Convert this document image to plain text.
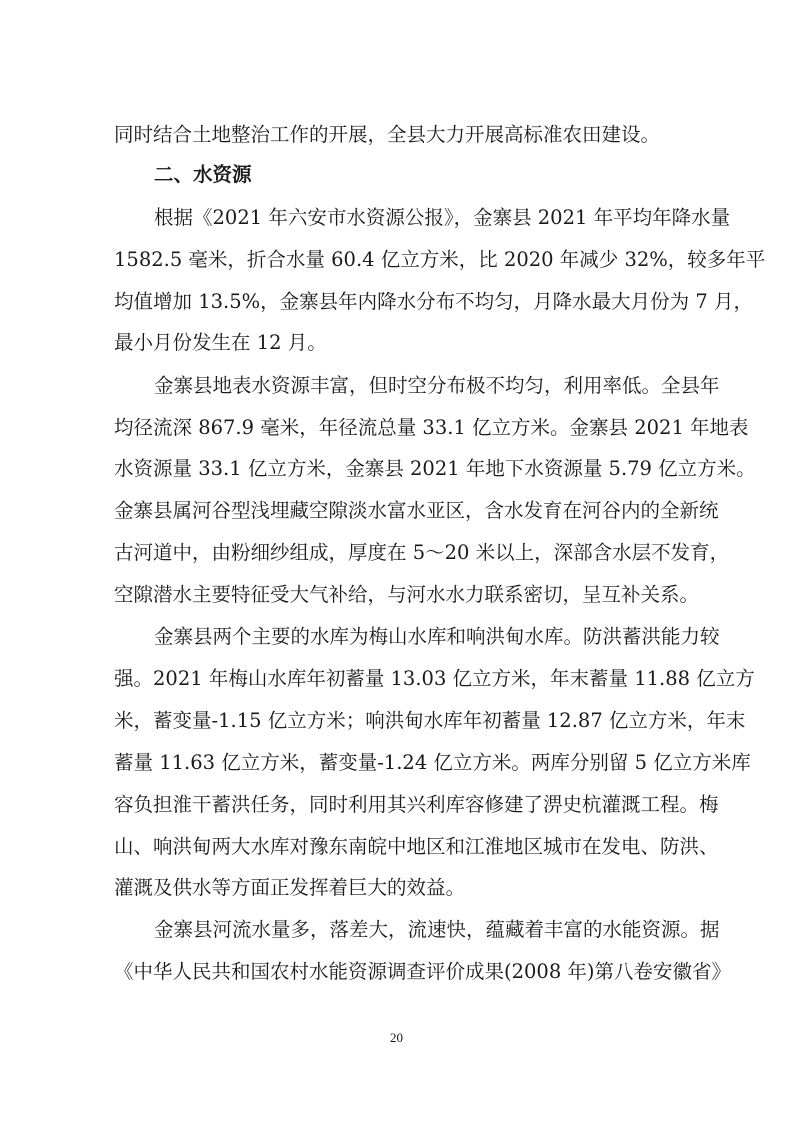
同时结合土地整治工作的开展，全县大力开展高标准农田建设。
二、水资源
根据《2021 年六安市水资源公报》，金寨县 2021 年平均年降水量
1582.5 毫米，折合水量 60.4 亿立方米，比 2020 年减少 32%，较多年平
均值增加 13.5%，金寨县年内降水分布不均匀，月降水最大月份为 7 月，
最小月份发生在 12 月。
金寨县地表水资源丰富，但时空分布极不均匀，利用率低。全县年
均径流深 867.9 毫米，年径流总量 33.1 亿立方米。金寨县 2021 年地表
水资源量 33.1 亿立方米，金寨县 2021 年地下水资源量 5.79 亿立方米。
金寨县属河谷型浅埋藏空隙淡水富水亚区，含水发育在河谷内的全新统
古河道中，由粉细纱组成，厚度在 5～20 米以上，深部含水层不发育，
空隙潜水主要特征受大气补给，与河水水力联系密切，呈互补关系。
金寨县两个主要的水库为梅山水库和响洪甸水库。防洪蓄洪能力较
强。2021 年梅山水库年初蓄量 13.03 亿立方米，年末蓄量 11.88 亿立方
米，蓄变量-1.15 亿立方米；响洪甸水库年初蓄量 12.87 亿立方米，年末
蓄量 11.63 亿立方米，蓄变量-1.24 亿立方米。两库分别留 5 亿立方米库
容负担淮干蓄洪任务，同时利用其兴利库容修建了淠史杭灌溉工程。梅
山、响洪甸两大水库对豫东南皖中地区和江淮地区城市在发电、防洪、
灌溉及供水等方面正发挥着巨大的效益。
金寨县河流水量多，落差大，流速快，蕴藏着丰富的水能资源。据
《中华人民共和国农村水能资源调查评价成果(2008 年)第八卷安徽省》
20
